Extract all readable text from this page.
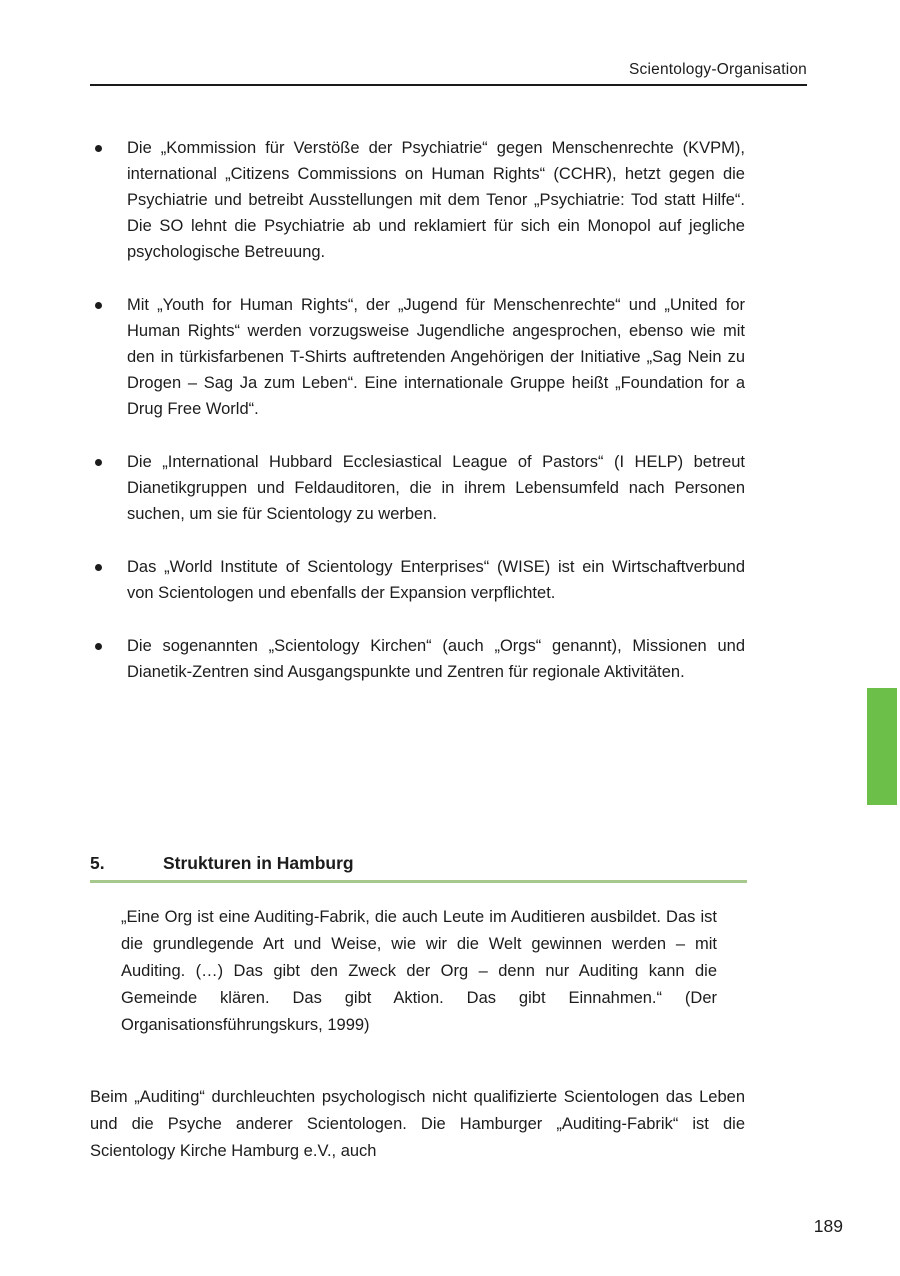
Scientology-Organisation
Die „Kommission für Verstöße der Psychiatrie“ gegen Menschenrechte (KVPM), international „Citizens Commissions on Human Rights“ (CCHR), hetzt gegen die Psychiatrie und betreibt Ausstellungen mit dem Tenor „Psychiatrie: Tod statt Hilfe“. Die SO lehnt die Psychiatrie ab und reklamiert für sich ein Monopol auf jegliche psychologische Betreuung.
Mit „Youth for Human Rights“, der „Jugend für Menschenrechte“ und „United for Human Rights“ werden vorzugsweise Jugendliche angesprochen, ebenso wie mit den in türkisfarbenen T-Shirts auftretenden Angehörigen der Initiative „Sag Nein zu Drogen – Sag Ja zum Leben“. Eine internationale Gruppe heißt „Foundation for a Drug Free World“.
Die „International Hubbard Ecclesiastical League of Pastors“ (I HELP) betreut Dianetikgruppen und Feldauditoren, die in ihrem Lebensumfeld nach Personen suchen, um sie für Scientology zu werben.
Das „World Institute of Scientology Enterprises“ (WISE) ist ein Wirtschaftverbund von Scientologen und ebenfalls der Expansion verpflichtet.
Die sogenannten „Scientology Kirchen“ (auch „Orgs“ genannt), Missionen und Dianetik-Zentren sind Ausgangspunkte und Zentren für regionale Aktivitäten.
5.	Strukturen in Hamburg
„Eine Org ist eine Auditing-Fabrik, die auch Leute im Auditieren ausbildet. Das ist die grundlegende Art und Weise, wie wir die Welt gewinnen werden – mit Auditing. (…) Das gibt den Zweck der Org – denn nur Auditing kann die Gemeinde klären. Das gibt Aktion. Das gibt Einnahmen.“ (Der Organisationsführungskurs, 1999)
Beim „Auditing“ durchleuchten psychologisch nicht qualifizierte Scientologen das Leben und die Psyche anderer Scientologen. Die Hamburger „Auditing-Fabrik“ ist die Scientology Kirche Hamburg e.V., auch
189
